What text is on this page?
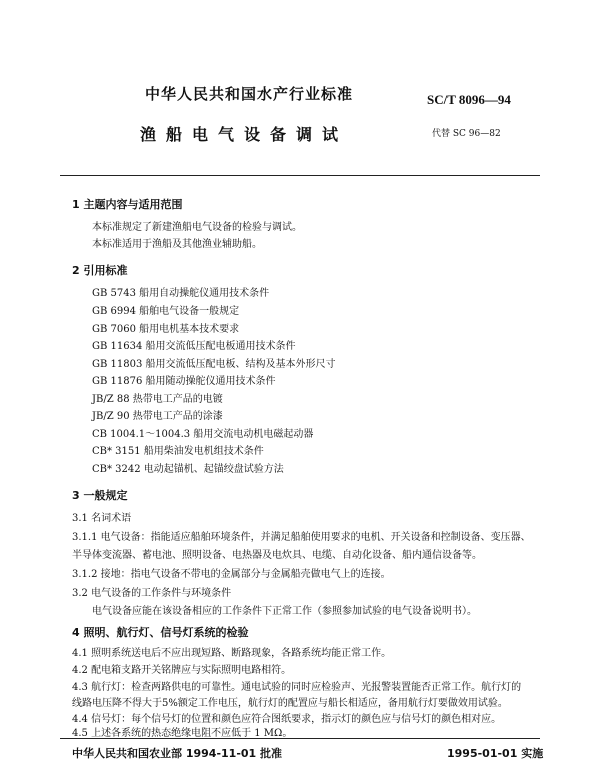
中华人民共和国水产行业标准	SC/T 8096—94
渔船电气设备调试	代替 SC 96—82
1 主题内容与适用范围
本标准规定了新建渔船电气设备的检验与调试。
本标准适用于渔船及其他渔业辅助船。
2 引用标准
GB 5743 船用自动操舵仪通用技术条件
GB 6994 船舶电气设备一般规定
GB 7060 船用电机基本技术要求
GB 11634 船用交流低压配电板通用技术条件
GB 11803 船用交流低压配电板、结构及基本外形尺寸
GB 11876 船用随动操舵仪通用技术条件
JB/Z 88 热带电工产品的电镀
JB/Z 90 热带电工产品的涂漆
CB 1004.1～1004.3 船用交流电动机电磁起动器
CB* 3151 船用柴油发电机组技术条件
CB* 3242 电动起锚机、起锚绞盘试验方法
3 一般规定
3.1 名词术语
3.1.1 电气设备：指能适应船舶环境条件，并满足船舶使用要求的电机、开关设备和控制设备、变压器、
半导体变流器、蓄电池、照明设备、电热器及电炊具、电缆、自动化设备、船内通信设备等。
3.1.2 接地：指电气设备不带电的金属部分与金属船壳做电气上的连接。
3.2 电气设备的工作条件与环境条件
电气设备应能在该设备相应的工作条件下正常工作（参照参加试验的电气设备说明书）。
4 照明、航行灯、信号灯系统的检验
4.1 照明系统送电后不应出现短路、断路现象，各路系统均能正常工作。
4.2 配电箱支路开关铭牌应与实际照明电路相符。
4.3 航行灯：检查两路供电的可靠性。通电试验的同时应检验声、光报警装置能否正常工作。航行灯的
线路电压降不得大于5%额定工作电压，航行灯的配置应与船长相适应，备用航行灯要做效用试验。
4.4 信号灯：每个信号灯的位置和颜色应符合图纸要求，指示灯的颜色应与信号灯的颜色相对应。
4.5 上述各系统的热态绝缘电阻不应低于 1 MΩ。
中华人民共和国农业部 1994-11-01 批准	1995-01-01 实施
